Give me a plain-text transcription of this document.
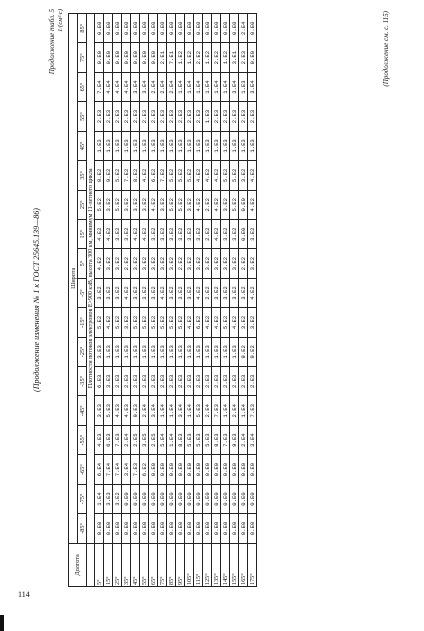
114
(Продолжение изменения № 1 к ГОСТ 25645.139—86)
Продолжение табл. 5 1/(см²·с)
Долгота	Широта																	
	-85°	-75°	-65°	-55°	-45°	-35°	-25°	-15°	-5°	5°	15°	25°	35°	45°	55°	65°	75°	85°
	Плотности потоков электронов E>900 кэВ, высота 300 км, минимум 11-летнего цикла																	
5°	0.E0	1.E4	6.E4	4.E3	3.E3	6.E3	3.E3	5.E2	3.E2	4.E2	4.E2	5.E2	8.E2	1.E3	2.E3	7.E4	0.E0	0.E0
15°	0.E0	3.E3	7.E4	6.E3	5.E3	3.E3	1.E3	4.E2	3.E2	3.E2	4.E2	3.E2	9.E2	1.E3	2.E3	4.E4	0.E0	0.E0
25°	0.E0	3.E2	7.E4	7.E3	4.E3	2.E3	1.E3	5.E2	3.E2	3.E2	3.E2	5.E2	5.E2	1.E3	2.E3	4.E4	0.E0	0.E0
35°	0.E0	0.E0	3.E4	2.E4	4.E3	2.E3	1.E3	3.E2	4.E2	2.E2	3.E2	3.E2	7.E2	1.E3	2.E3	4.E4	0.E0	0.E0
45°	0.E0	0.E0	7.E3	2.E5	9.E3	2.E3	1.E3	5.E2	3.E2	3.E2	4.E2	3.E2	8.E2	1.E3	2.E3	3.E4	0.E0	0.E0
55°	0.E0	0.E0	6.E2	3.E5	2.E4	2.E3	1.E3	5.E2	3.E2	3.E2	4.E2	3.E2	4.E2	1.E3	2.E3	3.E4	0.E0	0.E0
65°	0.E0	0.E0	0.E0	2.E5	3.E4	2.E3	1.E3	5.E2	3.E2	3.E2	3.E2	4.E2	6.E2	1.E3	2.E3	2.E4	0.E0	0.E0
75°	0.E0	0.E0	0.E0	5.E4	1.E4	2.E3	1.E3	5.E2	4.E2	3.E2	3.E2	3.E2	7.E2	1.E3	2.E3	2.E4	2.E1	0.E0
85°	0.E0	0.E0	0.E0	1.E4	1.E4	2.E3	1.E3	5.E2	3.E2	3.E2	3.E2	5.E2	5.E2	1.E3	2.E3	2.E4	7.E1	0.E0
95°	0.E0	0.E0	0.E0	8.E3	3.E4	2.E3	1.E3	5.E2	3.E2	2.E2	3.E2	5.E2	5.E2	1.E3	2.E3	1.E4	1.E2	0.E0
105°	0.E0	0.E0	0.E0	5.E3	1.E4	2.E3	1.E3	4.E2	3.E2	3.E2	3.E2	3.E2	5.E2	1.E3	2.E3	1.E4	1.E2	0.E0
115°	0.E0	0.E0	0.E0	5.E3	5.E3	2.E3	1.E3	6.E2	4.E2	3.E2	3.E2	4.E2	4.E2	1.E3	2.E3	1.E4	2.E2	0.E0
125°	0.E0	0.E0	0.E0	5.E3	2.E4	2.E3	1.E3	4.E2	2.E2	3.E2	2.E2	2.E2	4.E2	1.E3	1.E3	1.E4	1.E2	0.E0
135°	0.E0	0.E0	0.E0	8.E3	7.E3	2.E3	1.E3	4.E2	3.E2	3.E2	4.E2	4.E2	4.E2	1.E3	2.E3	1.E4	2.E2	0.E0
145°	0.E0	0.E0	0.E0	7.E3	1.E4	2.E3	1.E3	5.E2	3.E2	3.E2	3.E2	3.E2	5.E2	1.E3	2.E3	1.E4	1.E2	0.E0
155°	0.E0	0.E0	0.E0	9.E3	2.E4	2.E3	1.E3	4.E2	3.E2	3.E2	3.E2	5.E2	5.E2	1.E3	2.E3	3.E4	3.E1	0.E0
165°	0.E0	0.E0	0.E0	2.E4	1.E4	2.E3	9.E2	3.E2	3.E2	2.E2	0.E0	0.E0	3.E2	1.E3	2.E3	1.E3	2.E3	2.E4
175°	0.E0	0.E0	0.E0	3.E4	7.E3	2.E3	9.E2	3.E2	4.E2	3.E2	3.E2	4.E2	4.E2	1.E3	2.E3	3.E4	0.E0	0.E0	(Продолжение см. с. 115)
